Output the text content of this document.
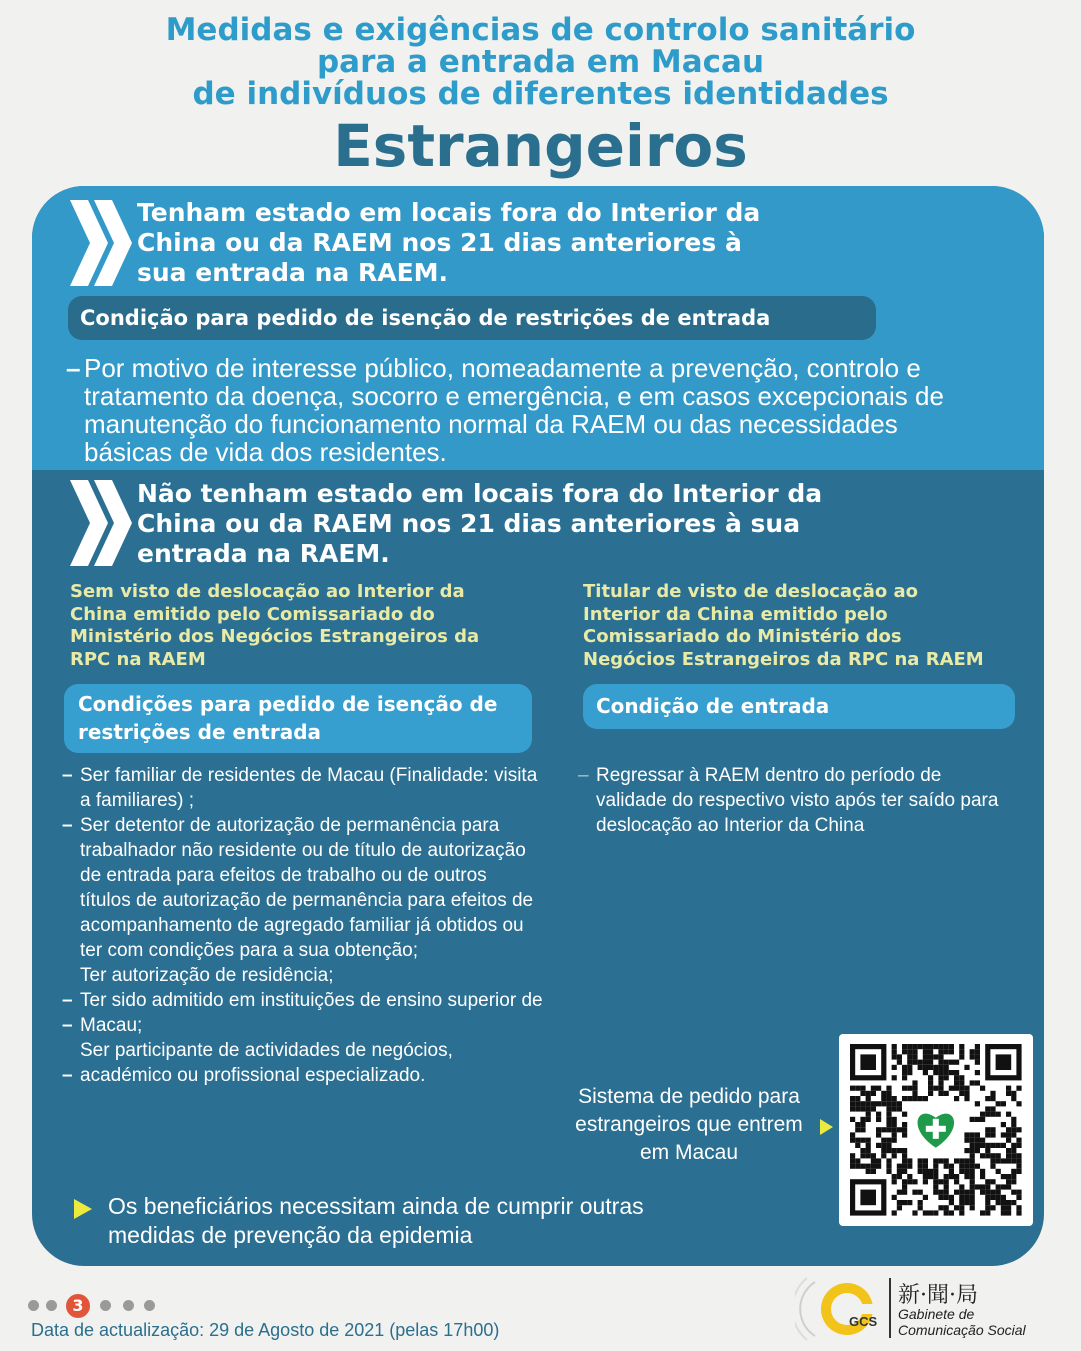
Medidas e exigências de controlo sanitário
para a entrada em Macau
de indivíduos de diferentes identidades
Estrangeiros
Tenham estado em locais fora do Interior da
China ou da RAEM nos 21 dias anteriores à
sua entrada na RAEM.
Condição para pedido de isenção de restrições de entrada
– Por motivo de interesse público, nomeadamente a prevenção, controlo e
tratamento da doença, socorro e emergência, e em casos excepcionais de
manutenção do funcionamento normal da RAEM ou das necessidades
básicas de vida dos residentes.
Não tenham estado em locais fora do Interior da
China ou da RAEM nos 21 dias anteriores à sua
entrada na RAEM.
Sem visto de deslocação ao Interior da
China emitido pelo Comissariado do
Ministério dos Negócios Estrangeiros da
RPC na RAEM
Condições para pedido de isenção de
restrições de entrada
– Ser familiar de residentes de Macau (Finalidade: visita
a familiares) ;
– Ser detentor de autorização de permanência para
trabalhador não residente ou de título de autorização
de entrada para efeitos de trabalho ou de outros
títulos de autorização de permanência para efeitos de
acompanhamento de agregado familiar já obtidos ou
ter com condições para a sua obtenção;
Ter autorização de residência;
– Ter sido admitido em instituições de ensino superior de
– Macau;
Ser participante de actividades de negócios,
– académico ou profissional especializado.
Titular de visto de deslocação ao
Interior da China emitido pelo
Comissariado do Ministério dos
Negócios Estrangeiros da RPC na RAEM
Condição de entrada
– Regressar à RAEM dentro do período de
validade do respectivo visto após ter saído para
deslocação ao Interior da China
Sistema de pedido para
estrangeiros que entrem
em Macau
Os beneficiários necessitam ainda de cumprir outras
medidas de prevenção da epidemia
3
Data de actualização: 29 de Agosto de 2021 (pelas 17h00)	GCS
新·聞·局
Gabinete de
Comunicação Social
